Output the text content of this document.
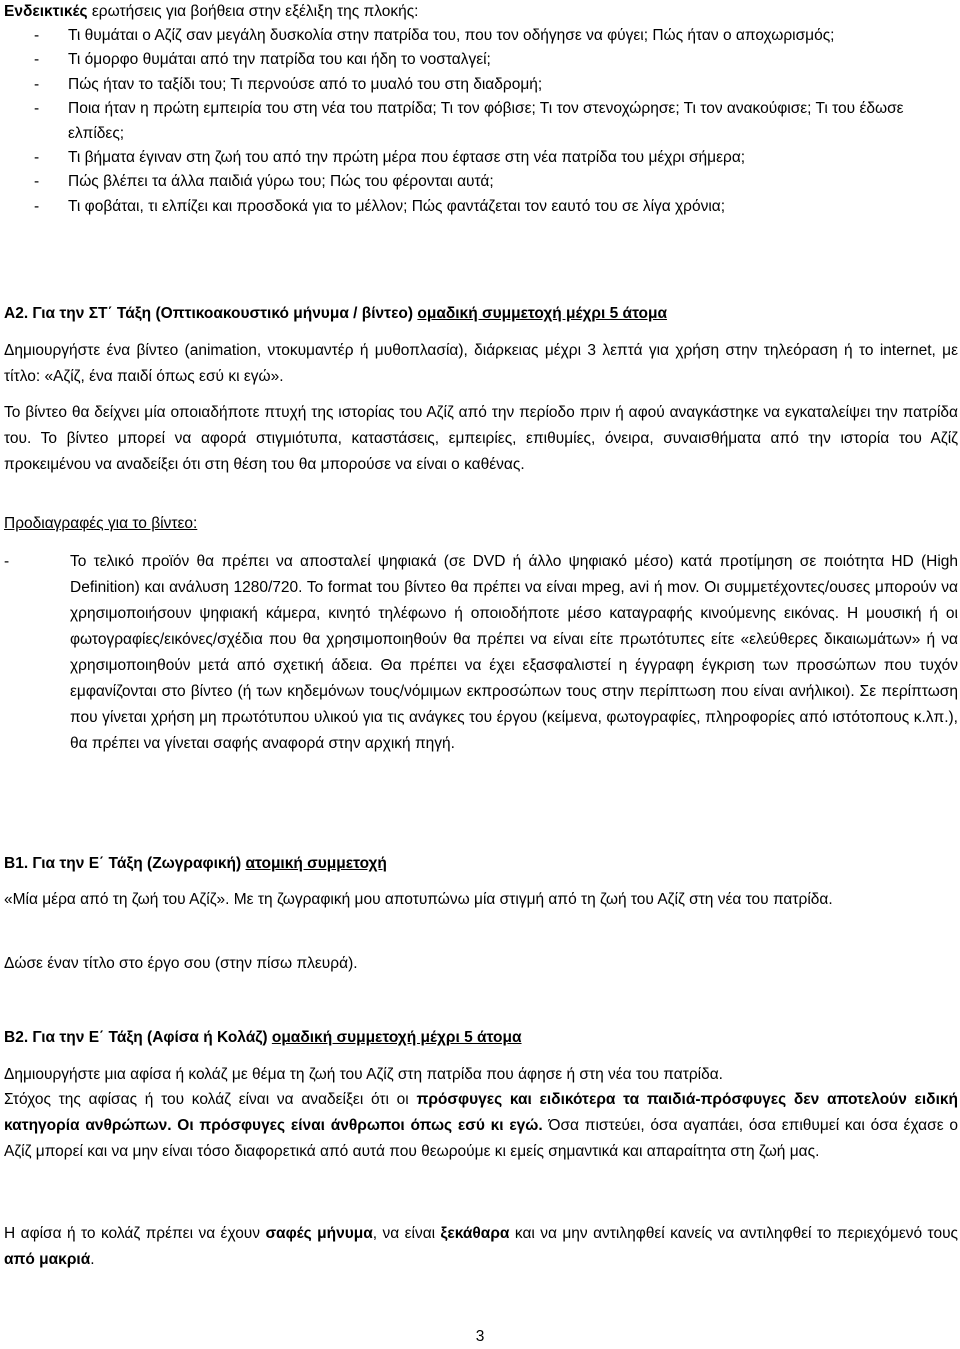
Ενδεικτικές ερωτήσεις για βοήθεια στην εξέλιξη της πλοκής:
- Τι θυμάται ο Αζίζ σαν μεγάλη δυσκολία στην πατρίδα του, που τον οδήγησε να φύγει; Πώς ήταν ο αποχωρισμός;
- Τι όμορφο θυμάται από την πατρίδα του και ήδη το νοσταλγεί;
- Πώς ήταν το ταξίδι του; Τι περνούσε από το μυαλό του στη διαδρομή;
- Ποια ήταν η πρώτη εμπειρία του στη νέα του πατρίδα; Τι τον φόβισε; Τι τον στενοχώρησε; Τι τον ανακούφισε; Τι του έδωσε ελπίδες;
- Τι βήματα έγιναν στη ζωή του από την πρώτη μέρα που έφτασε στη νέα πατρίδα του μέχρι σήμερα;
- Πώς βλέπει τα άλλα παιδιά γύρω του; Πώς του φέρονται αυτά;
- Τι φοβάται, τι ελπίζει και προσδοκά για το μέλλον; Πώς φαντάζεται τον εαυτό του σε λίγα χρόνια;
Α2. Για την ΣΤ΄ Τάξη (Οπτικοακουστικό μήνυμα / βίντεο) ομαδική συμμετοχή μέχρι 5 άτομα
Δημιουργήστε ένα βίντεο (animation, ντοκυμαντέρ ή μυθοπλασία), διάρκειας μέχρι 3 λεπτά για χρήση στην τηλεόραση ή το internet, με τίτλο: «Αζίζ, ένα παιδί όπως εσύ κι εγώ».
Το βίντεο θα δείχνει μία οποιαδήποτε πτυχή της ιστορίας του Αζίζ από την περίοδο πριν ή αφού αναγκάστηκε να εγκαταλείψει την πατρίδα του. Το βίντεο μπορεί να αφορά στιγμιότυπα, καταστάσεις, εμπειρίες, επιθυμίες, όνειρα, συναισθήματα από την ιστορία του Αζίζ προκειμένου να αναδείξει ότι στη θέση του θα μπορούσε να είναι ο καθένας.
Προδιαγραφές για το βίντεο:
-	Το τελικό προϊόν θα πρέπει να αποσταλεί ψηφιακά (σε DVD ή άλλο ψηφιακό μέσο) κατά προτίμηση σε ποιότητα HD (High Definition) και ανάλυση 1280/720. Το format του βίντεο θα πρέπει να είναι mpeg, avi ή mov. Οι συμμετέχοντες/ουσες μπορούν να χρησιμοποιήσουν ψηφιακή κάμερα, κινητό τηλέφωνο ή οποιοδήποτε μέσο καταγραφής κινούμενης εικόνας. Η μουσική ή οι φωτογραφίες/εικόνες/σχέδια που θα χρησιμοποιηθούν θα πρέπει να είναι είτε πρωτότυπες είτε «ελεύθερες δικαιωμάτων» ή να χρησιμοποιηθούν μετά από σχετική άδεια. Θα πρέπει να έχει εξασφαλιστεί η έγγραφη έγκριση των προσώπων που τυχόν εμφανίζονται στο βίντεο (ή των κηδεμόνων τους/νόμιμων εκπροσώπων τους στην περίπτωση που είναι ανήλικοι). Σε περίπτωση που γίνεται χρήση μη πρωτότυπου υλικού για τις ανάγκες του έργου (κείμενα, φωτογραφίες, πληροφορίες από ιστότοπους κ.λπ.), θα πρέπει να γίνεται σαφής αναφορά στην αρχική πηγή.
Β1. Για την Ε΄ Τάξη (Ζωγραφική) ατομική συμμετοχή
«Μία μέρα από τη ζωή του Αζίζ». Με τη ζωγραφική μου αποτυπώνω μία στιγμή από τη ζωή του Αζίζ στη νέα του πατρίδα.
Δώσε έναν τίτλο στο έργο σου (στην πίσω πλευρά).
Β2. Για την Ε΄ Τάξη (Αφίσα ή Κολάζ) ομαδική συμμετοχή μέχρι 5 άτομα
Δημιουργήστε μια αφίσα ή κολάζ με θέμα τη ζωή του Αζίζ στη πατρίδα που άφησε ή στη νέα του πατρίδα.
Στόχος της αφίσας ή του κολάζ είναι να αναδείξει ότι οι πρόσφυγες και ειδικότερα τα παιδιά-πρόσφυγες δεν αποτελούν ειδική κατηγορία ανθρώπων. Οι πρόσφυγες είναι άνθρωποι όπως εσύ κι εγώ. Όσα πιστεύει, όσα αγαπάει, όσα επιθυμεί και όσα έχασε ο Αζίζ μπορεί και να μην είναι τόσο διαφορετικά από αυτά που θεωρούμε κι εμείς σημαντικά και απαραίτητα στη ζωή μας.
Η αφίσα ή το κολάζ πρέπει να έχουν σαφές μήνυμα, να είναι ξεκάθαρα και να μην αντιληφθεί κανείς να αντιληφθεί το περιεχόμενό τους από μακριά.
3
